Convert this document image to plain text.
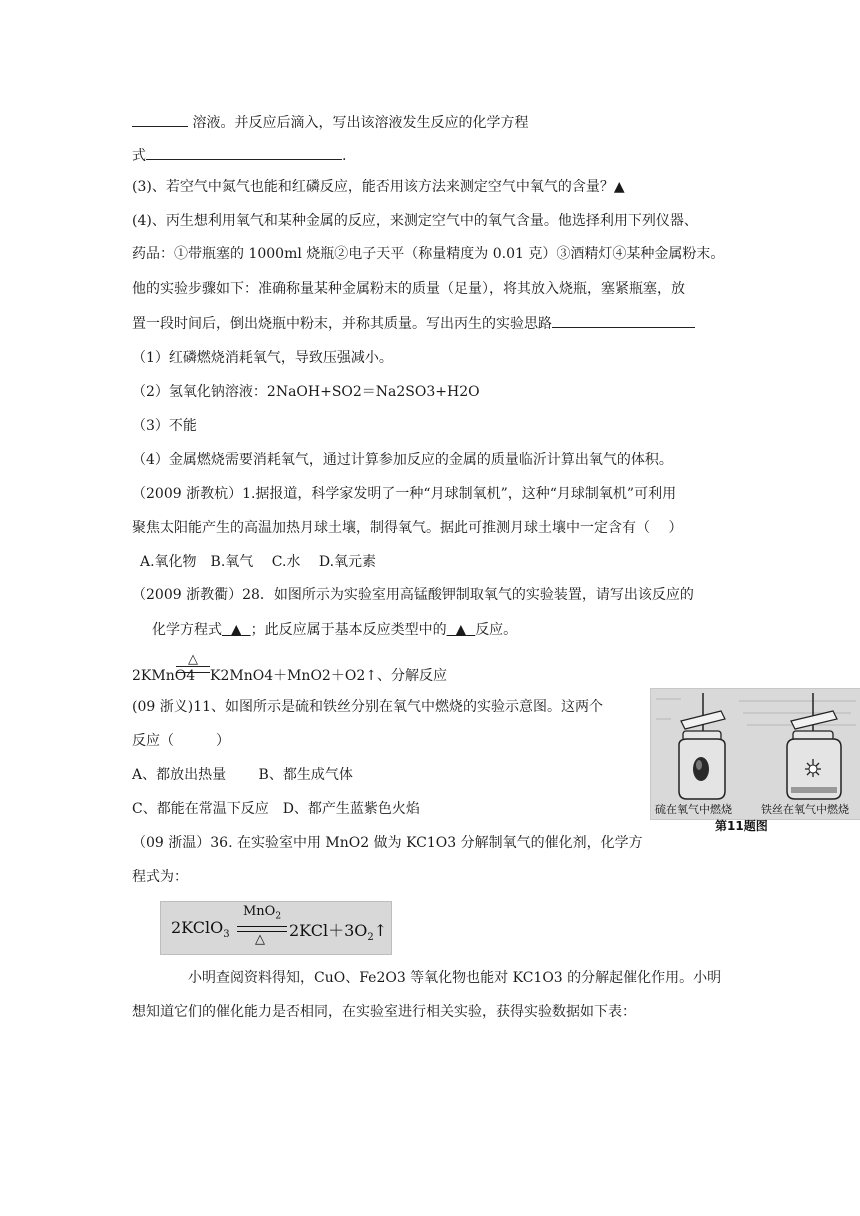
溶液。并反应后滴入，写出该溶液发生反应的化学方程
式	.
(3)、若空气中氮气也能和红磷反应，能否用该方法来测定空气中氧气的含量？▲
(4)、丙生想利用氧气和某种金属的反应，来测定空气中的氧气含量。他选择利用下列仪器、
药品：①带瓶塞的 1000ml 烧瓶②电子天平（称量精度为 0.01 克）③酒精灯④某种金属粉末。
他的实验步骤如下：准确称量某种金属粉末的质量（足量），将其放入烧瓶，塞紧瓶塞，放
置一段时间后，倒出烧瓶中粉末，并称其质量。写出丙生的实验思路
（1）红磷燃烧消耗氧气，导致压强减小。
（2）氢氧化钠溶液：2NaOH+SO2＝Na2SO3+H2O
（3）不能
（4）金属燃烧需要消耗氧气，通过计算参加反应的金属的质量临沂计算出氧气的体积。
（2009 浙教杭）1.据报道，科学家发明了一种“月球制氧机”，这种“月球制氧机”可利用
聚焦太阳能产生的高温加热月球土壤，制得氧气。据此可推测月球土壤中一定含有（　 ）
A.氧化物　B.氧气　 C.水　 D.氧元素
（2009 浙教衢）28．如图所示为实验室用高锰酸钾制取氧气的实验装置，请写出该反应的
化学方程式 ▲ ；此反应属于基本反应类型中的 ▲ 反应。
2KMnO4
△
K2MnO4＋MnO2＋O2↑、分解反应
(09 浙义)11、如图所示是硫和铁丝分别在氧气中燃烧的实验示意图。这两个
反应（　　　）
A、都放出热量　　 B、都生成气体
C、都能在常温下反应　D、都产生蓝紫色火焰	硫在氧气中燃烧	铁丝在氧气中燃烧
第11题图
（09 浙温）36. 在实验室中用 MnO2 做为 KC1O3 分解制氧气的催化剂，化学方
程式为：
2KClO$_3$
MnO$_2$
△ $2KCl+3O_2↑$
小明查阅资料得知，CuO、Fe2O3 等氧化物也能对 KC1O3 的分解起催化作用。小明
想知道它们的催化能力是否相同，在实验室进行相关实验，获得实验数据如下表：
